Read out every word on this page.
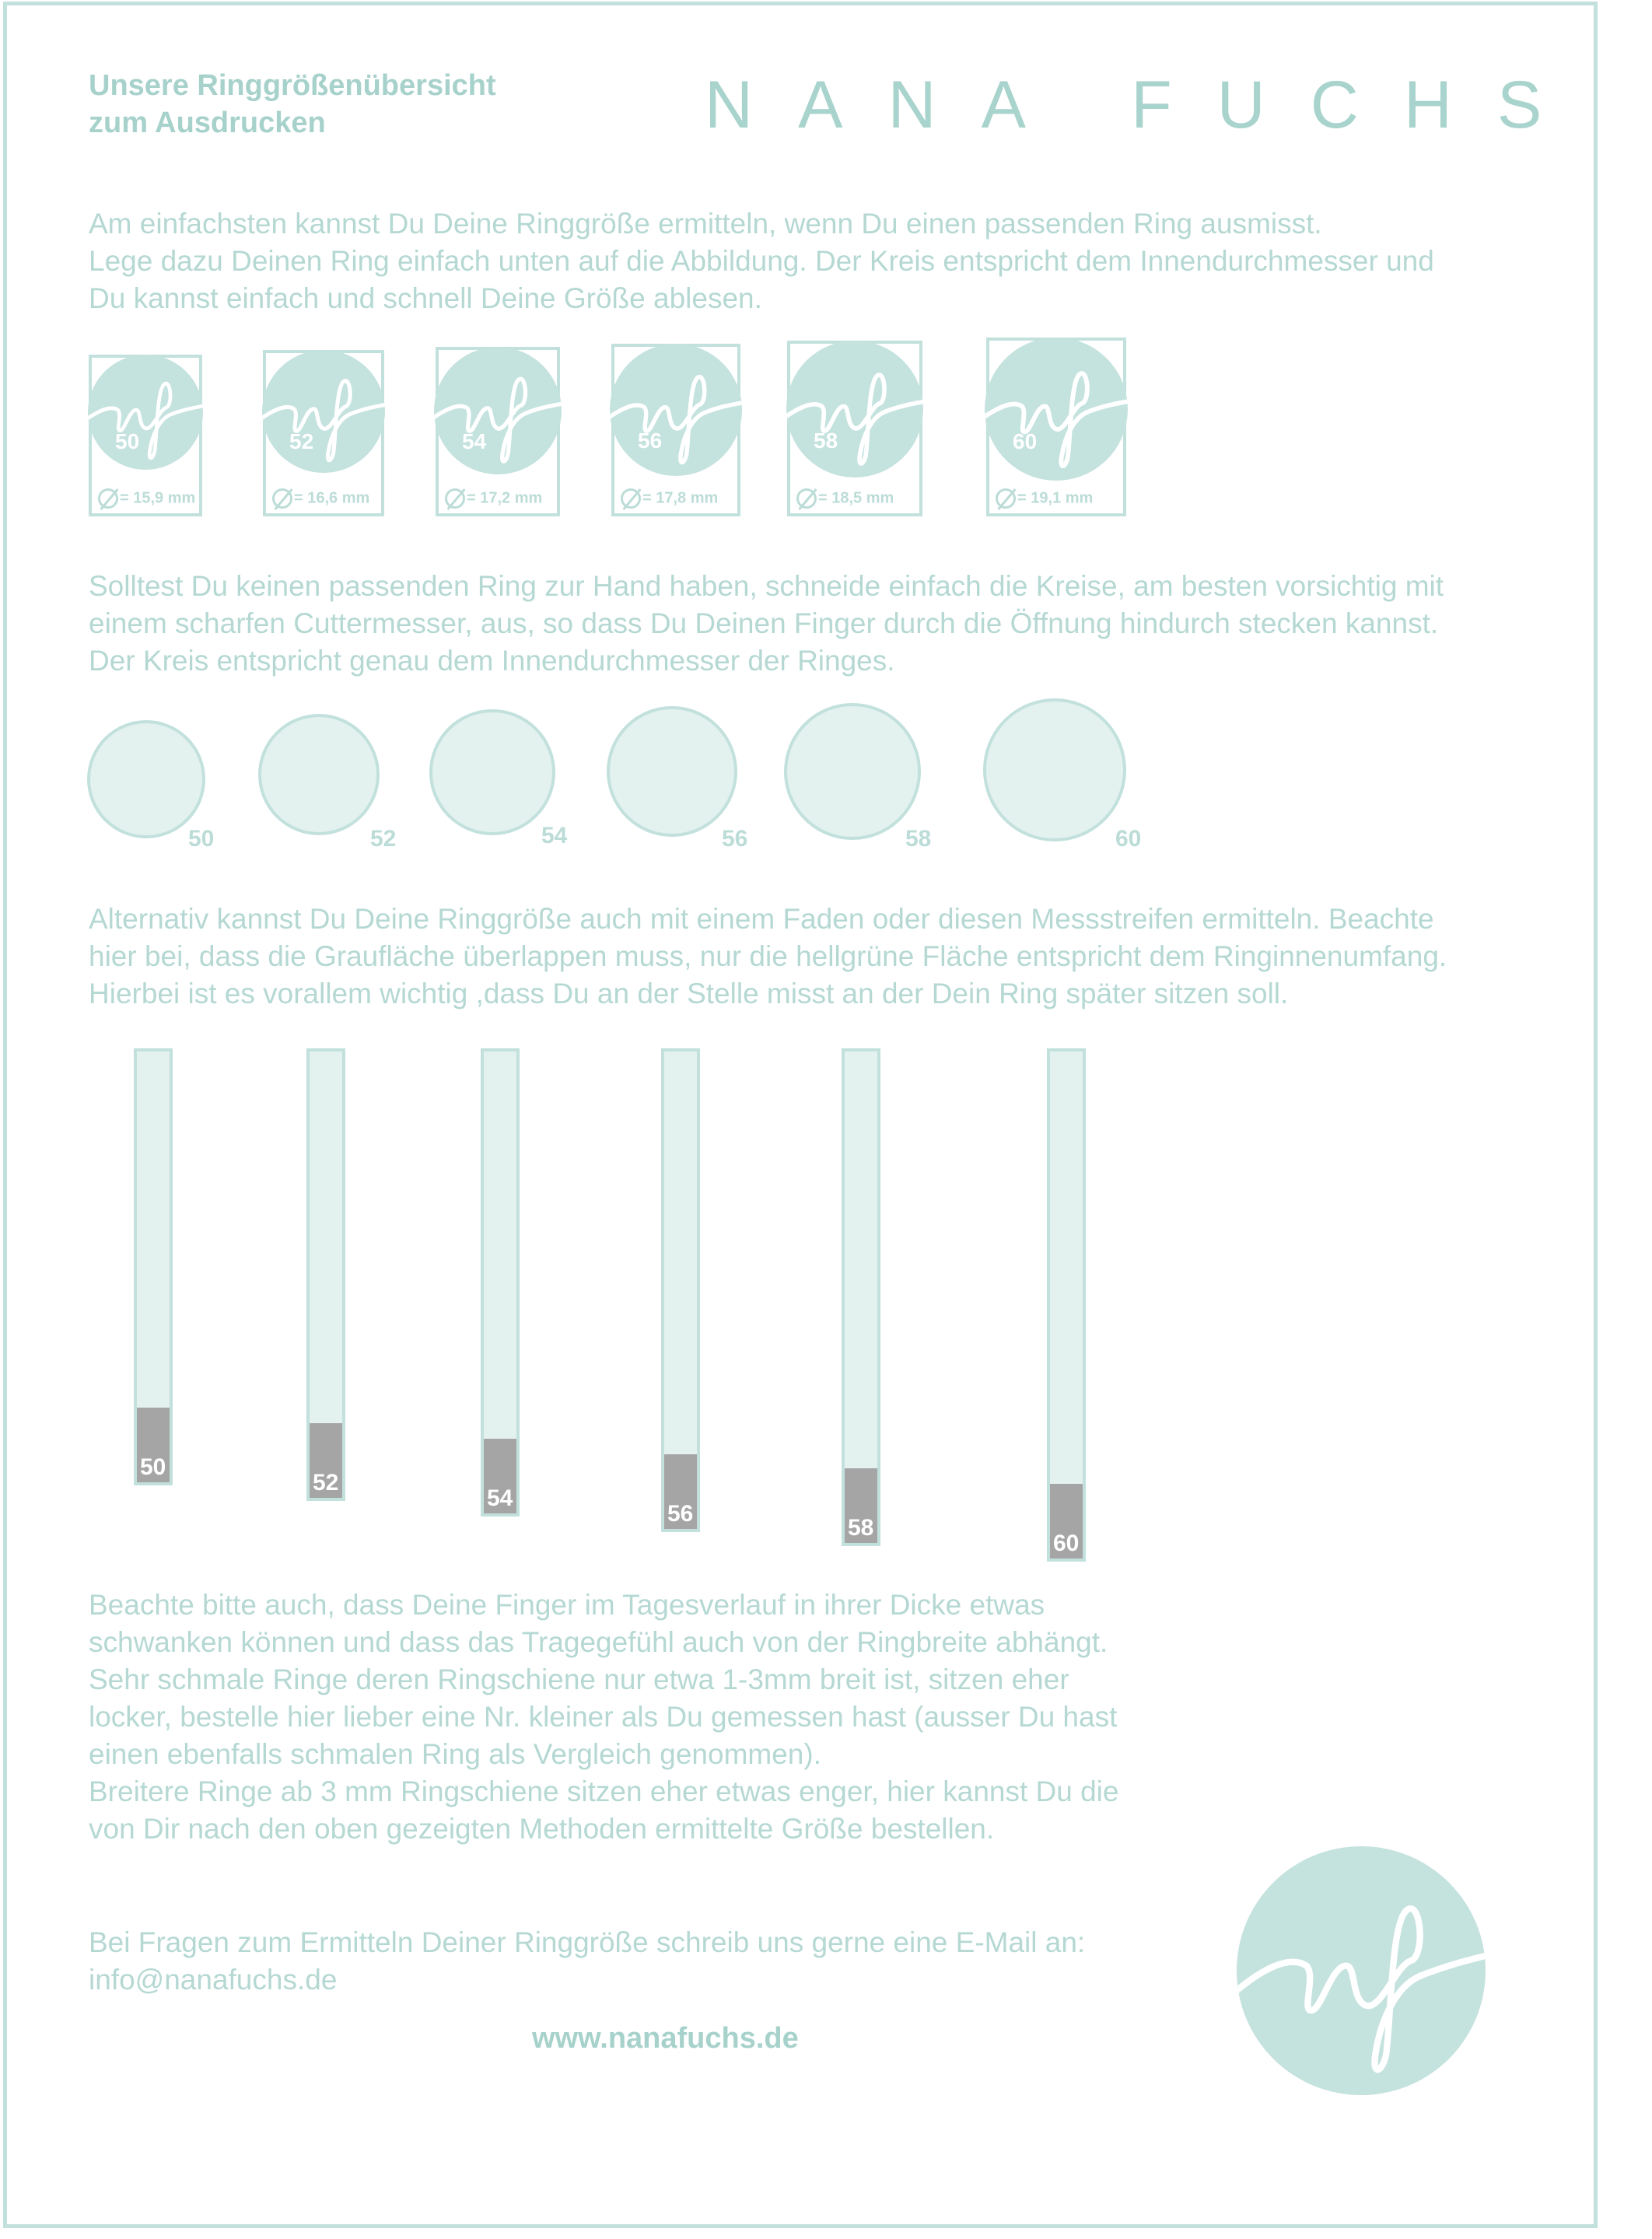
Unsere Ringgrößenübersicht
zum Ausdrucken	NANA FUCHS
Am einfachsten kannst Du Deine Ringgröße ermitteln, wenn Du einen passenden Ring ausmisst.
Lege dazu Deinen Ring einfach unten auf die Abbildung. Der Kreis entspricht dem Innendurchmesser und
Du kannst einfach und schnell Deine Größe ablesen.
50
= 15,9 mm
52
= 16,6 mm
54
= 17,2 mm
56
= 17,8 mm
58
= 18,5 mm
60
= 19,1 mm
Solltest Du keinen passenden Ring zur Hand haben, schneide einfach die Kreise, am besten vorsichtig mit
einem scharfen Cuttermesser, aus, so dass Du Deinen Finger durch die Öffnung hindurch stecken kannst.
Der Kreis entspricht genau dem Innendurchmesser der Ringes.
50	52	54	56	58	60
Alternativ kannst Du Deine Ringgröße auch mit einem Faden oder diesen Messstreifen ermitteln. Beachte
hier bei, dass die Graufläche überlappen muss, nur die hellgrüne Fläche entspricht dem Ringinnenumfang.
Hierbei ist es vorallem wichtig ,dass Du an der Stelle misst an der Dein Ring später sitzen soll.
50
52
54
56
58
60
Beachte bitte auch, dass Deine Finger im Tagesverlauf in ihrer Dicke etwas
schwanken können und dass das Tragegefühl auch von der Ringbreite abhängt.
Sehr schmale Ringe deren Ringschiene nur etwa 1-3mm breit ist, sitzen eher
locker, bestelle hier lieber eine Nr. kleiner als Du gemessen hast (ausser Du hast
einen ebenfalls schmalen Ring als Vergleich genommen).
Breitere Ringe ab 3 mm Ringschiene sitzen eher etwas enger, hier kannst Du die
von Dir nach den oben gezeigten Methoden ermittelte Größe bestellen.
Bei Fragen zum Ermitteln Deiner Ringgröße schreib uns gerne eine E-Mail an:
info@nanafuchs.de
www.nanafuchs.de
